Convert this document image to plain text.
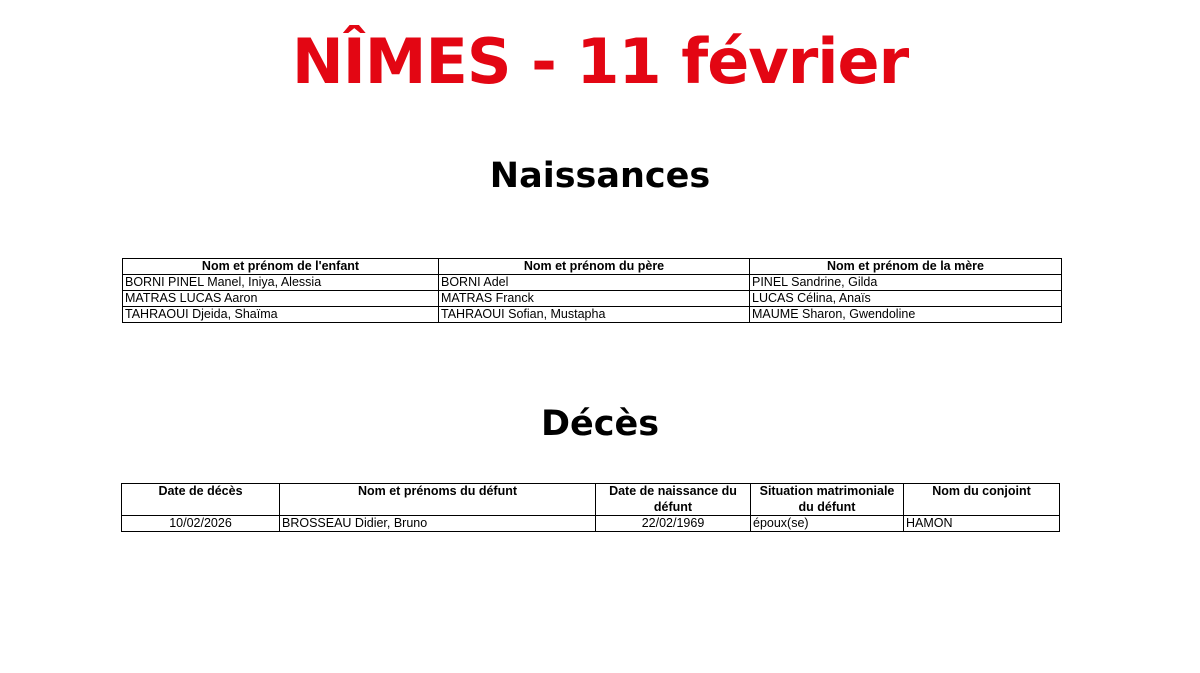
NÎMES - 11 février
Naissances
Nom et prénom de l'enfant	Nom et prénom du père	Nom et prénom de la mère
BORNI PINEL Manel, Iniya, Alessia	BORNI Adel	PINEL Sandrine, Gilda
MATRAS LUCAS Aaron	MATRAS Franck	LUCAS Célina, Anaïs
TAHRAOUI Djeida, Shaïma	TAHRAOUI Sofian, Mustapha	MAUME Sharon, Gwendoline
Décès
Date de décès	Nom et prénoms du défunt	Date de naissance du défunt	Situation matrimoniale du défunt	Nom du conjoint
10/02/2026	BROSSEAU Didier, Bruno	22/02/1969	époux(se)	HAMON
